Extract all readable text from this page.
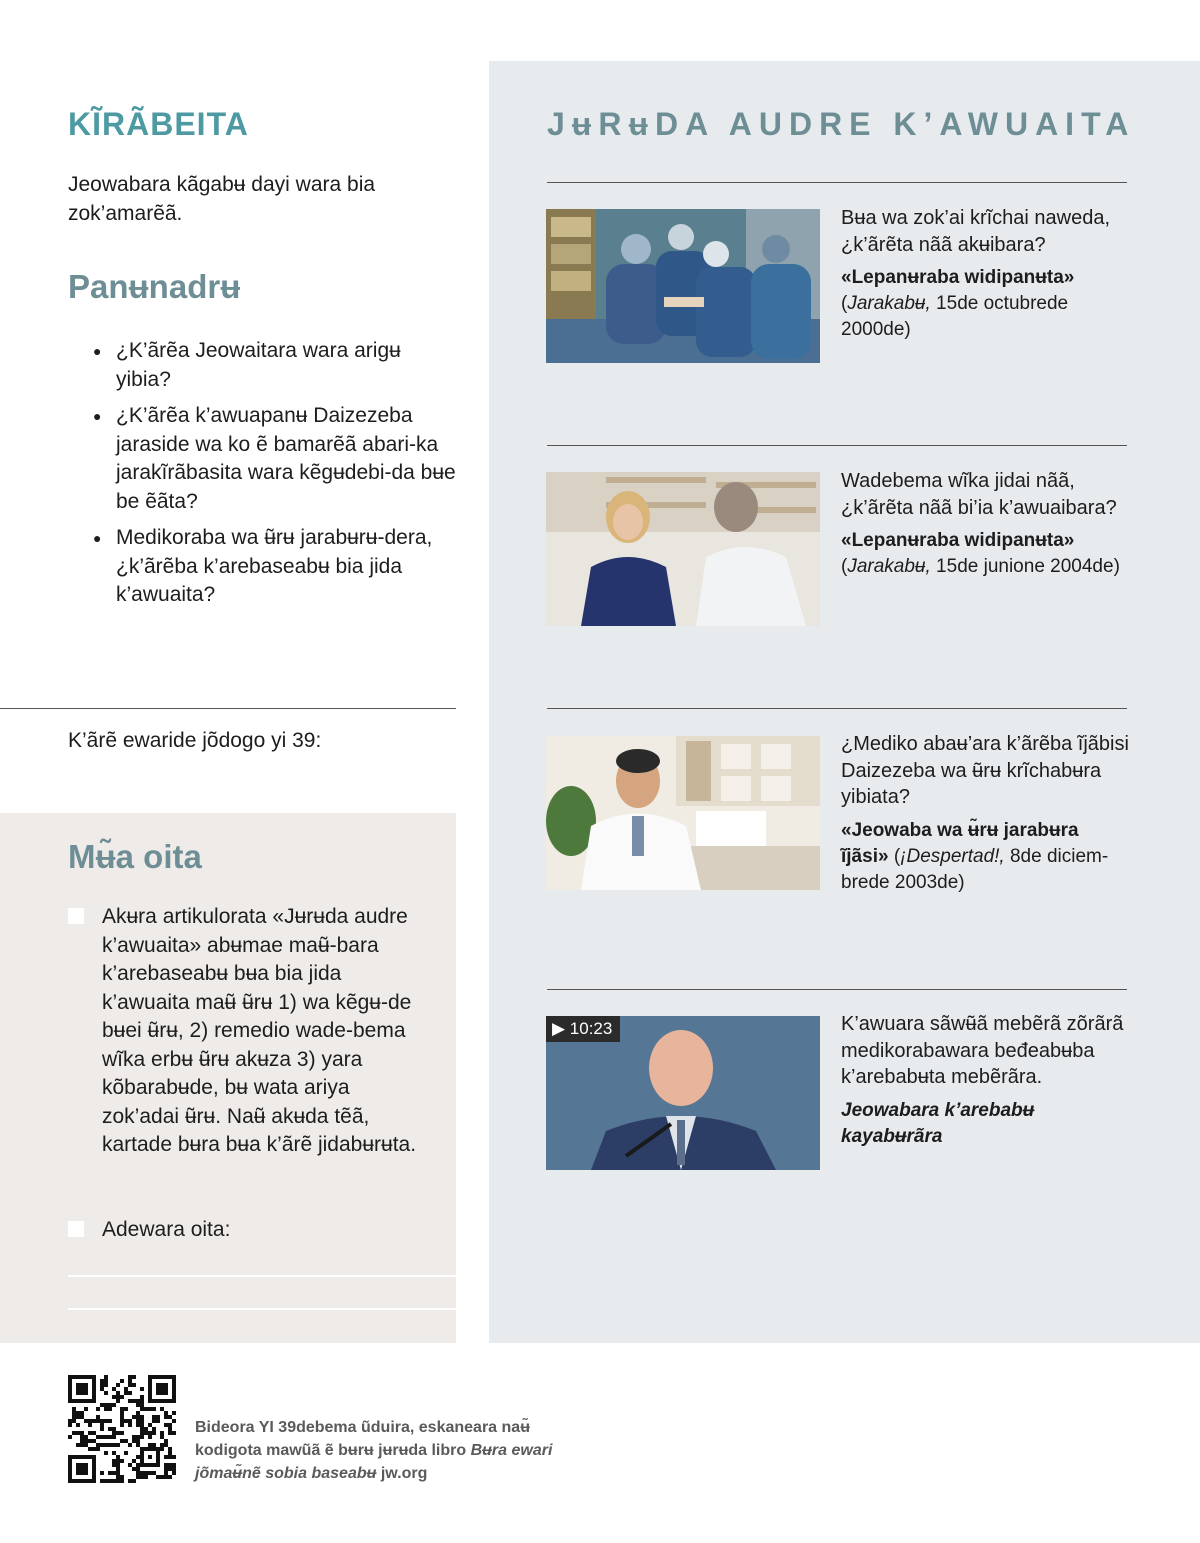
KĨRÃBEITA

Jeowabara kãgabʉ dayi wara bia zok’amarẽã.

Panʉnadrʉ
● ¿K’ãrẽa Jeowaitara wara arigʉ yibia?
● ¿K’ãrẽa k’awuapanʉ Daizezeba jaraside wa ko ẽ bamarẽã abari-ka jarakĩrãbasita wara kẽgʉdebi-da bʉe be ẽãta?
● Medikoraba wa ʉ̃rʉ jarabʉrʉ-dera, ¿k’ãrẽba k’arebaseabʉ bia jida k’awuaita?

K’ãrẽ ewaride jõdogo yi 39:

Mʉ̃a oita

Akʉra artikulorata «Jʉrʉda audre k’awuaita» abʉmae maʉ̃-bara k’arebaseabʉ bʉa bia jida k’awuaita maʉ̃ ʉ̃rʉ 1) wa kẽgʉ-de bʉei ʉ̃rʉ, 2) remedio wade-bema wĩka erbʉ ʉ̃rʉ akʉza 3) yara kõbarabʉde, bʉ wata ariya zok’adai ʉ̃rʉ. Naʉ̃ akʉda tẽã, kartade bʉra bʉa k’ãrẽ jidabʉrʉta.

Adewara oita:

JʉRʉDA AUDRE K’AWUAITA

Bʉa wa zok’ai krĩchai naweda, ¿k’ãrẽta nãã akʉibara?

«Lepanʉraba widipanʉta»
(Jarakabʉ, 15de octubrede 2000de)

Wadebema wĩka jidai nãã, ¿k’ãrẽta nãã bi’ia k’awuaibara?

«Lepanʉraba widipanʉta»
(Jarakabʉ, 15de junione 2004de)

¿Mediko abaʉ’ara k’ãrẽba ĩjãbisi Daizezeba wa ʉ̃rʉ krĩchabʉra yibiata?

«Jeowaba wa ʉ̃rʉ jarabʉra ĩjãsi» (¡Despertad!, 8de diciem-brede 2003de)

▶ 10:23	K’awuara sãwʉ̃ã mebẽrã zõrãrã medikorabawara beđeabʉba k’arebabʉta mebẽrãra.

Jeowabara k’arebabʉ kayabʉrãra

Bideora YI 39debema ũduira, eskaneara naʉ̃ kodigota mawũã ẽ bʉrʉ jʉrʉda libro Bʉra ewari jõmaʉ̃nẽ sobia baseabʉ jw.org
